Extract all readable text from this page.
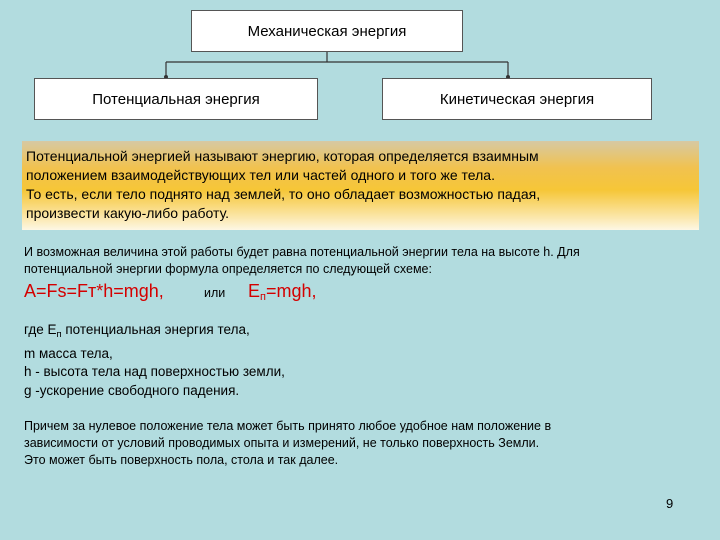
Механическая энергия
Потенциальная энергия	Кинетическая энергия

Потенциальной энергией называют энергию, которая определяется взаимным

положением взаимодействующих тел или частей одного и того же тела.

То есть, если тело поднято над землей, то оно обладает возможностью падая,

произвести какую-либо работу.

И возможная величина этой работы будет равна потенциальной энергии тела на высоте h. Для
потенциальной энергии формула определяется по следующей схеме:
A=Fs=Fт*h=mgh,	или $E_п=mgh$,
где $E_п$ потенциальная энергия тела,
m масса тела,
h - высота тела над поверхностью земли,
g -ускорение свободного падения.
Причем за нулевое положение тела может быть принято любое удобное нам положение в
зависимости от условий проводимых опыта и измерений, не только поверхность Земли.
Это может быть поверхность пола, стола и так далее.
9
